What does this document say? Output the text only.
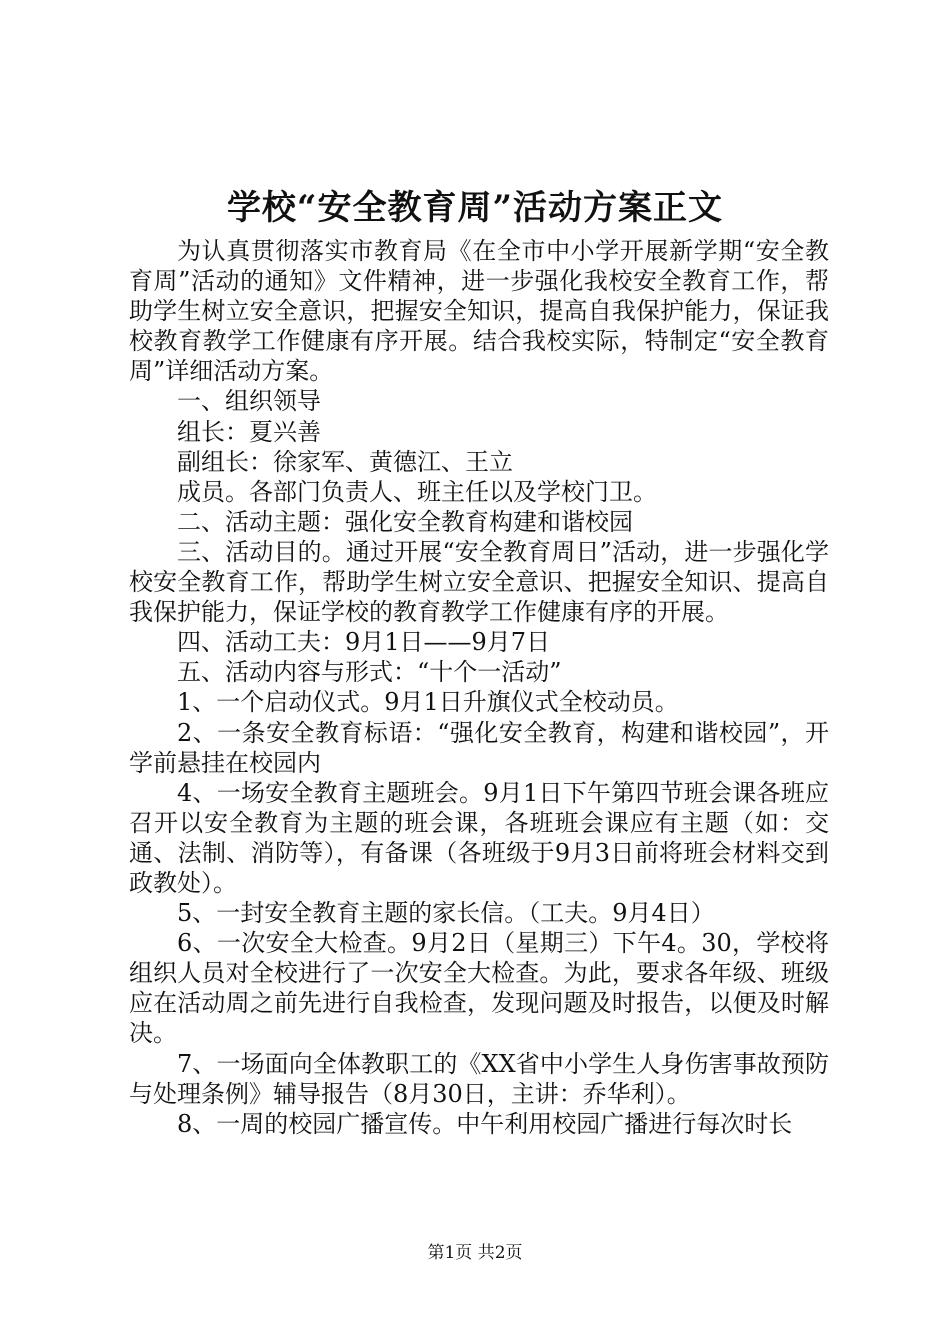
学校“安全教育周”活动方案正文

为认真贯彻落实市教育局《在全市中小学开展新学期“安全教育周”活动的通知》文件精神，进一步强化我校安全教育工作，帮助学生树立安全意识，把握安全知识，提高自我保护能力，保证我校教育教学工作健康有序开展。结合我校实际，特制定“安全教育周”详细活动方案。

一、组织领导

组长：夏兴善

副组长：徐家军、黄德江、王立

成员。各部门负责人、班主任以及学校门卫。

二、活动主题：强化安全教育构建和谐校园

三、活动目的。通过开展“安全教育周日”活动，进一步强化学校安全教育工作，帮助学生树立安全意识、把握安全知识、提高自我保护能力，保证学校的教育教学工作健康有序的开展。

四、活动工夫：9月1日——9月7日

五、活动内容与形式：“十个一活动”

1、一个启动仪式。9月1日升旗仪式全校动员。

2、一条安全教育标语：“强化安全教育，构建和谐校园”，开学前悬挂在校园内

4、一场安全教育主题班会。9月1日下午第四节班会课各班应召开以安全教育为主题的班会课，各班班会课应有主题（如：交通、法制、消防等），有备课（各班级于9月3日前将班会材料交到政教处）。

5、一封安全教育主题的家长信。（工夫。9月4日）

6、一次安全大检查。9月2日（星期三）下午4。30，学校将组织人员对全校进行了一次安全大检查。为此，要求各年级、班级应在活动周之前先进行自我检查，发现问题及时报告，以便及时解决。

7、一场面向全体教职工的《XX省中小学生人身伤害事故预防与处理条例》辅导报告（8月30日，主讲：乔华利）。

8、一周的校园广播宣传。中午利用校园广播进行每次时长

第1页 共2页
